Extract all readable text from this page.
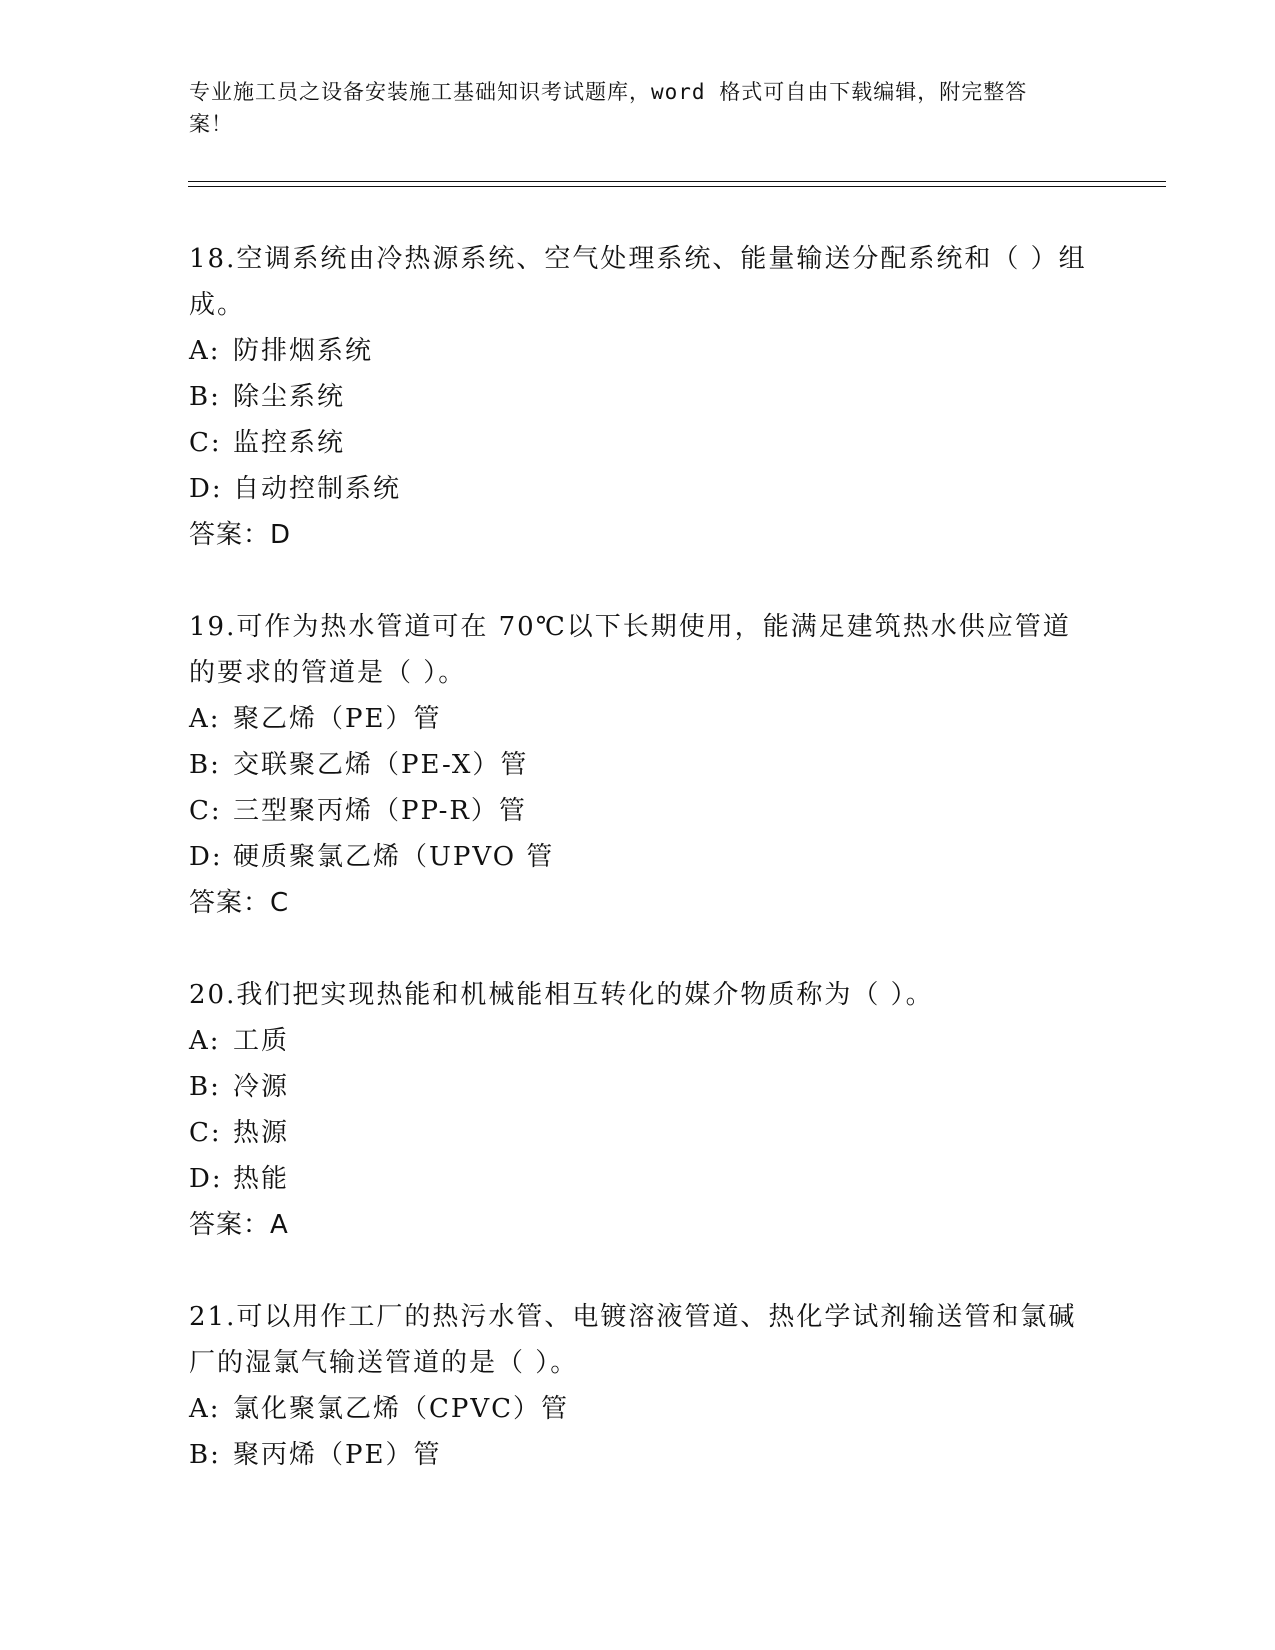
专业施工员之设备安装施工基础知识考试题库，word 格式可自由下载编辑，附完整答案！
18.空调系统由冷热源系统、空气处理系统、能量输送分配系统和（ ）组成。
A: 防排烟系统
B: 除尘系统
C: 监控系统
D: 自动控制系统
答案：D
19.可作为热水管道可在 70℃以下长期使用，能满足建筑热水供应管道的要求的管道是（ ）。
A: 聚乙烯（PE）管
B: 交联聚乙烯（PE-X）管
C: 三型聚丙烯（PP-R）管
D: 硬质聚氯乙烯（UPVO 管
答案：C
20.我们把实现热能和机械能相互转化的媒介物质称为（ ）。
A: 工质
B: 冷源
C: 热源
D: 热能
答案：A
21.可以用作工厂的热污水管、电镀溶液管道、热化学试剂输送管和氯碱厂的湿氯气输送管道的是（ ）。
A: 氯化聚氯乙烯（CPVC）管
B: 聚丙烯（PE）管
